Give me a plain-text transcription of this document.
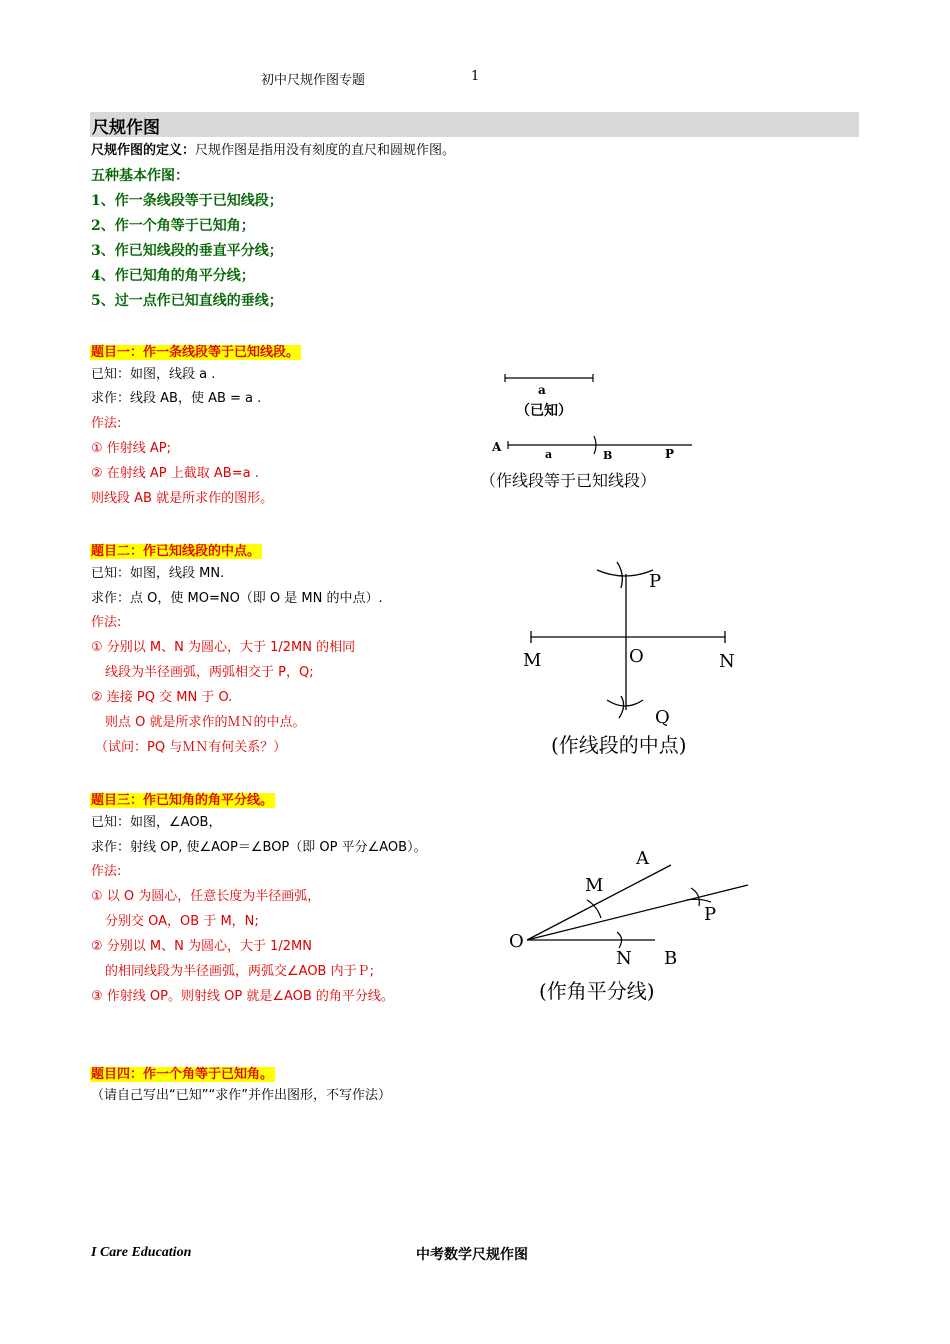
初中尺规作图专题	1
尺规作图
尺规作图的定义：尺规作图是指用没有刻度的直尺和圆规作图。
五种基本作图：
1、作一条线段等于已知线段；
2、作一个角等于已知角；
3、作已知线段的垂直平分线；
4、作已知角的角平分线；
5、过一点作已知直线的垂线；
题目一：作一条线段等于已知线段。
已知：如图，线段 a .
求作：线段 AB，使 AB = a .
作法:
① 作射线 AP;
② 在射线 AP 上截取 AB=a .
则线段 AB 就是所求作的图形。
a
（已知）
A
a	B	P
（作线段等于已知线段）
题目二：作已知线段的中点。
已知：如图，线段 MN.
求作：点 O，使 MO=NO（即 O 是 MN 的中点）.
作法:
① 分别以 M、N 为圆心，大于 1/2MN 的相同
线段为半径画弧，两弧相交于 P，Q;
② 连接 PQ 交 MN 于 O.
则点 O 就是所求作的ＭＮ的中点。
（试问：PQ 与ＭＮ有何关系？）
P
M	O	N
Q
(作线段的中点)
题目三：作已知角的角平分线。
已知：如图，∠AOB，
求作：射线 OP, 使∠AOP＝∠BOP（即 OP 平分∠AOB）。
作法:
① 以 O 为圆心，任意长度为半径画弧，
分别交 OA，OB 于 M，N;
② 分别以 M、N 为圆心，大于 1/2MN
的相同线段为半径画弧，两弧交∠AOB 内于Ｐ;
③ 作射线 OP。则射线 OP 就是∠AOB 的角平分线。
A
M
P
O
N B
(作角平分线)
题目四：作一个角等于已知角。
（请自己写出“已知”“求作”并作出图形，不写作法）
I Care Education	中考数学尺规作图
